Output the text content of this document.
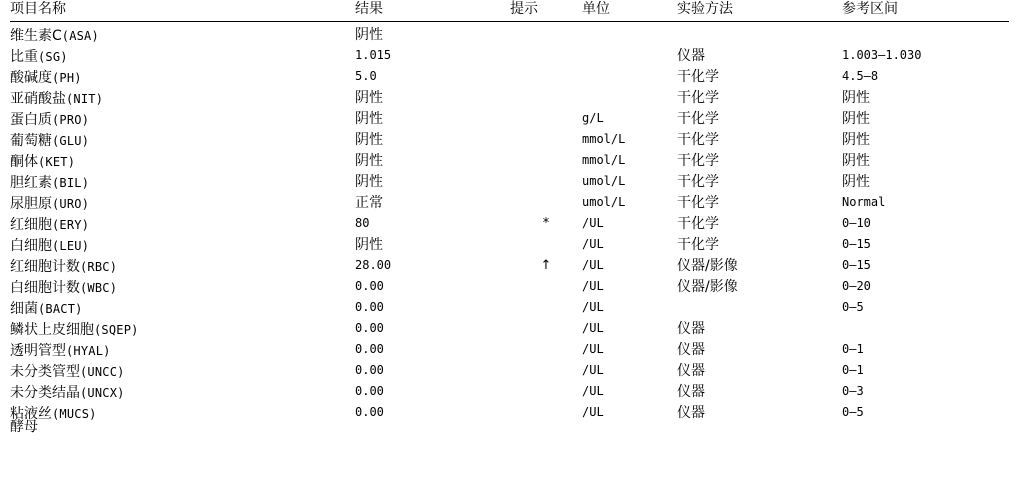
项目名称	结果	提示	单位	实验方法	参考区间
维生素C(ASA)	阴性				
比重(SG)	1.015			仪器	1.003—1.030
酸碱度(PH)	5.0			干化学	4.5—8
亚硝酸盐(NIT)	阴性			干化学	阴性
蛋白质(PRO)	阴性		g/L	干化学	阴性
葡萄糖(GLU)	阴性		mmol/L	干化学	阴性
酮体(KET)	阴性		mmol/L	干化学	阴性
胆红素(BIL)	阴性		umol/L	干化学	阴性
尿胆原(URO)	正常		umol/L	干化学	Normal
红细胞(ERY)	80	*	/UL	干化学	0—10
白细胞(LEU)	阴性		/UL	干化学	0—15
红细胞计数(RBC)	28.00	↑	/UL	仪器/影像	0—15
白细胞计数(WBC)	0.00		/UL	仪器/影像	0—20
细菌(BACT)	0.00		/UL		0—5
鳞状上皮细胞(SQEP)	0.00		/UL	仪器	
透明管型(HYAL)	0.00		/UL	仪器	0—1
未分类管型(UNCC)	0.00		/UL	仪器	0—1
未分类结晶(UNCX)	0.00		/UL	仪器	0—3
粘液丝(MUCS)	0.00		/UL	仪器	0—5
酵母
